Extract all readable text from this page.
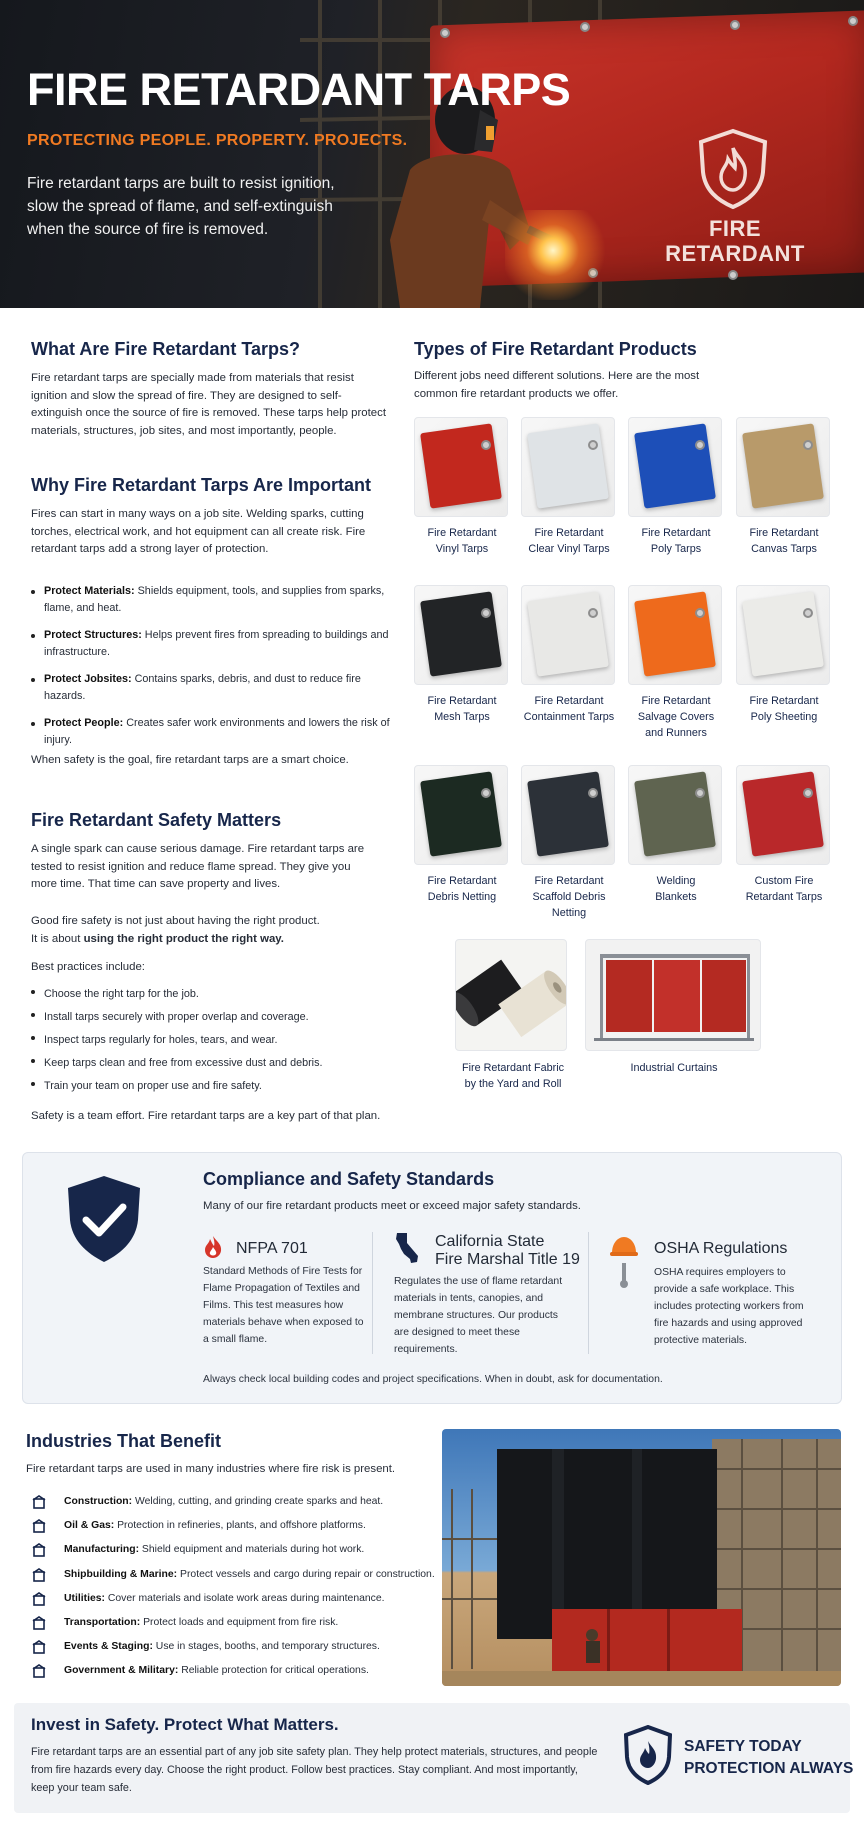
FIRE
RETARDANT
FIRE RETARDANT TARPS
PROTECTING PEOPLE. PROPERTY. PROJECTS.
Fire retardant tarps are built to resist ignition, slow the spread of flame, and self-extinguish when the source of fire is removed.
What Are Fire Retardant Tarps?

Fire retardant tarps are specially made from materials that resist ignition and slow the spread of fire. They are designed to self-extinguish once the source of fire is removed. These tarps help protect materials, structures, job sites, and most importantly, people.

Why Fire Retardant Tarps Are Important

Fires can start in many ways on a job site. Welding sparks, cutting torches, electrical work, and hot equipment can all create risk. Fire retardant tarps add a strong layer of protection.

Protect Materials: Shields equipment, tools, and supplies from sparks, flame, and heat.
Protect Structures: Helps prevent fires from spreading to buildings and infrastructure.
Protect Jobsites: Contains sparks, debris, and dust to reduce fire hazards.
Protect People: Creates safer work environments and lowers the risk of injury.

When safety is the goal, fire retardant tarps are a smart choice.

Fire Retardant Safety Matters

A single spark can cause serious damage. Fire retardant tarps are tested to resist ignition and reduce flame spread. They give you more time. That time can save property and lives.

Good fire safety is not just about having the right product.

It is about using the right product the right way.

Best practices include:

Choose the right tarp for the job.
Install tarps securely with proper overlap and coverage.
Inspect tarps regularly for holes, tears, and wear.
Keep tarps clean and free from excessive dust and debris.
Train your team on proper use and fire safety.

Safety is a team effort. Fire retardant tarps are a key part of that plan.

Types of Fire Retardant Products

Different jobs need different solutions. Here are the most common fire retardant products we offer.

Fire Retardant
Vinyl Tarps
Fire Retardant
Clear Vinyl Tarps
Fire Retardant
Poly Tarps
Fire Retardant
Canvas Tarps
Fire Retardant
Mesh Tarps
Fire Retardant
Containment Tarps
Fire Retardant
Salvage Covers
and Runners
Fire Retardant
Poly Sheeting
Fire Retardant
Debris Netting
Fire Retardant
Scaffold Debris
Netting
Welding
Blankets
Custom Fire
Retardant Tarps
Fire Retardant Fabric
by the Yard and Roll
Industrial Curtains
Compliance and Safety Standards

Many of our fire retardant products meet or exceed major safety standards.

NFPA 701

Standard Methods of Fire Tests for Flame Propagation of Textiles and Films. This test measures how materials behave when exposed to a small flame.

California State
Fire Marshal Title 19

Regulates the use of flame retardant materials in tents, canopies, and membrane structures. Our products are designed to meet these requirements.

OSHA Regulations

OSHA requires employers to provide a safe workplace. This includes protecting workers from fire hazards and using approved protective materials.

Always check local building codes and project specifications. When in doubt, ask for documentation.

Industries That Benefit

Fire retardant tarps are used in many industries where fire risk is present.

Construction: Welding, cutting, and grinding create sparks and heat.
Oil & Gas: Protection in refineries, plants, and offshore platforms.
Manufacturing: Shield equipment and materials during hot work.
Shipbuilding & Marine: Protect vessels and cargo during repair or construction.
Utilities: Cover materials and isolate work areas during maintenance.
Transportation: Protect loads and equipment from fire risk.
Events & Staging: Use in stages, booths, and temporary structures.
Government & Military: Reliable protection for critical operations.
Invest in Safety. Protect What Matters.

Fire retardant tarps are an essential part of any job site safety plan. They help protect materials, structures, and people from fire hazards every day. Choose the right product. Follow best practices. Stay compliant. And most importantly, keep your team safe.

SAFETY TODAY
PROTECTION ALWAYS
